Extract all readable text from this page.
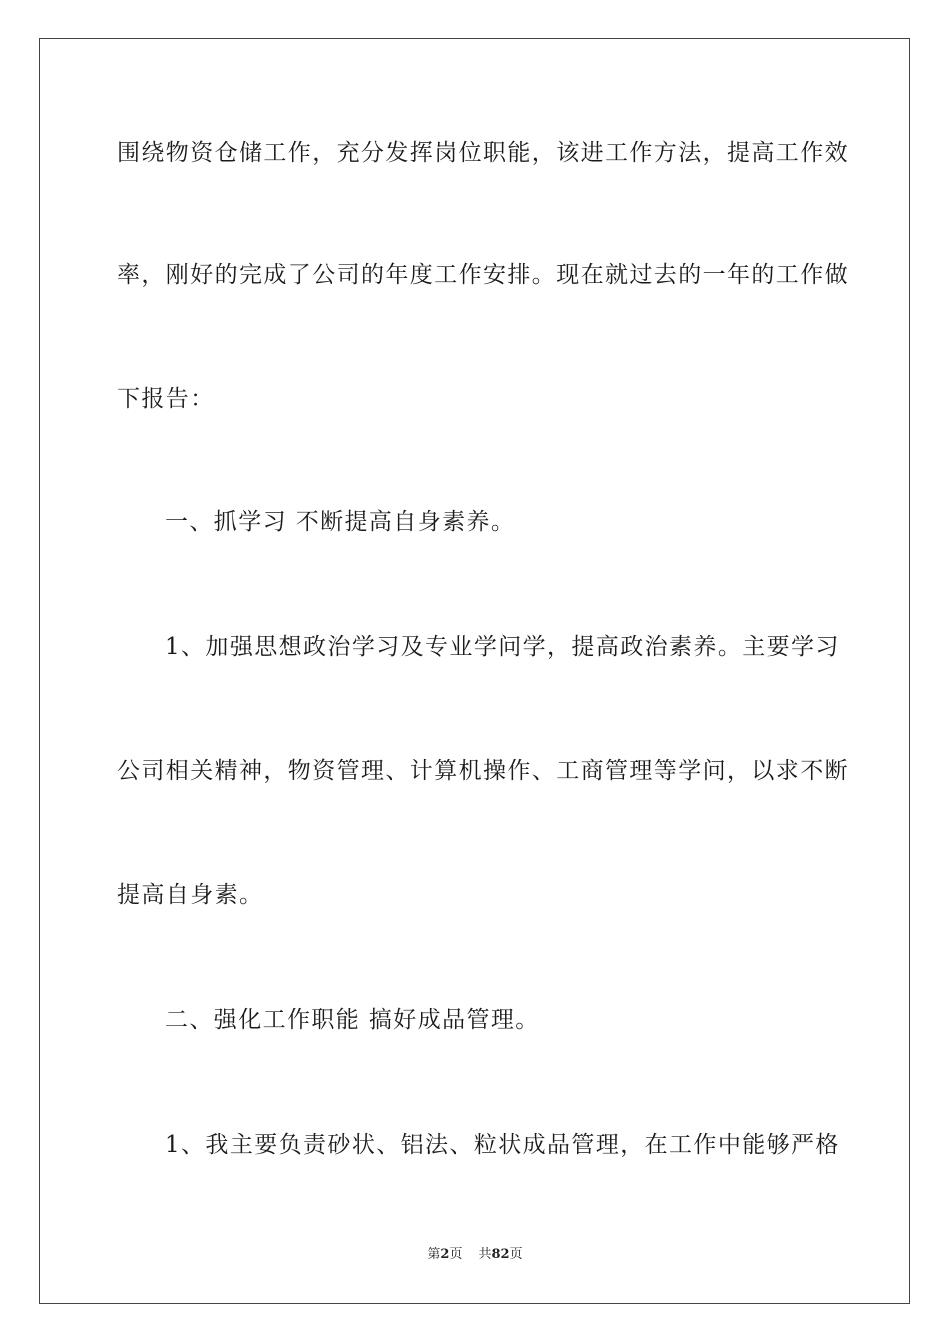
围绕物资仓储工作，充分发挥岗位职能，该进工作方法，提高工作效
率，刚好的完成了公司的年度工作安排。现在就过去的一年的工作做
下报告：
一、抓学习 不断提高自身素养。
1、加强思想政治学习及专业学问学，提高政治素养。主要学习
公司相关精神，物资管理、计算机操作、工商管理等学问，以求不断
提高自身素。
二、强化工作职能 搞好成品管理。
1、我主要负责砂状、铝法、粒状成品管理，在工作中能够严格
第2页 共82页
